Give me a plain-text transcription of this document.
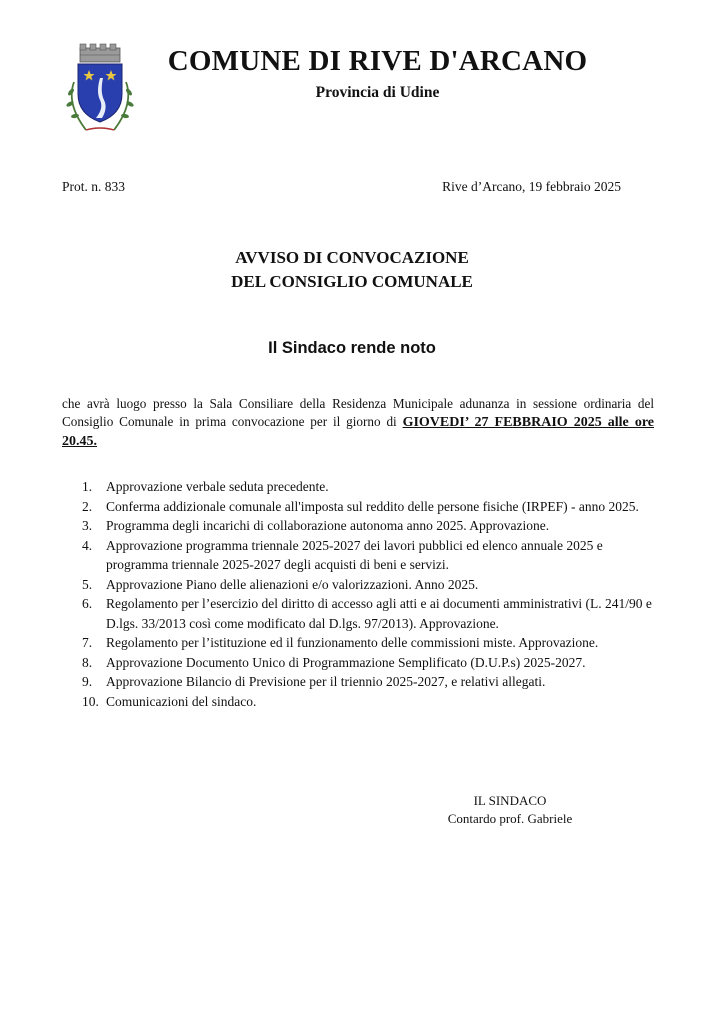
COMUNE DI RIVE D'ARCANO
Provincia di Udine
Prot. n. 833	Rive d’Arcano, 19 febbraio 2025
AVVISO DI CONVOCAZIONE
DEL CONSIGLIO COMUNALE
Il Sindaco rende noto
che avrà luogo presso la Sala Consiliare della Residenza Municipale adunanza in sessione ordinaria del Consiglio Comunale in prima convocazione per il giorno di GIOVEDI’ 27 FEBBRAIO 2025 alle ore 20.45.
1.	Approvazione verbale seduta precedente.
2.	Conferma addizionale comunale all'imposta sul reddito delle persone fisiche (IRPEF) - anno 2025.
3.	Programma degli incarichi di collaborazione autonoma anno 2025. Approvazione.
4.	Approvazione programma triennale 2025-2027 dei lavori pubblici ed elenco annuale 2025 e programma triennale 2025-2027 degli acquisti di beni e servizi.
5.	Approvazione Piano delle alienazioni e/o valorizzazioni. Anno 2025.
6.	Regolamento per l’esercizio del diritto di accesso agli atti e ai documenti amministrativi (L. 241/90 e D.lgs. 33/2013 così come modificato dal D.lgs. 97/2013). Approvazione.
7.	Regolamento per l’istituzione ed il funzionamento delle commissioni miste. Approvazione.
8.	Approvazione Documento Unico di Programmazione Semplificato (D.U.P.s) 2025-2027.
9.	Approvazione Bilancio di Previsione per il triennio 2025-2027, e relativi allegati.
10. Comunicazioni del sindaco.
IL SINDACO
Contardo prof. Gabriele
